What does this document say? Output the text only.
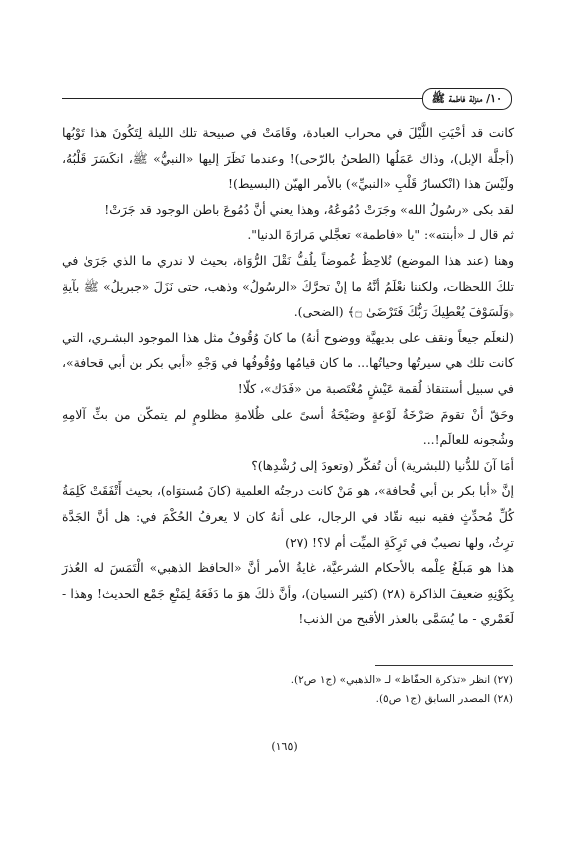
١٠/ منزلة فاطمة ﷺ

كانت قد أحْيَتِ اللَّيْلَ في محراب العبادة، وقَامَتْ في صبيحة تلك الليلة لِتَكُونَ هذا تَوْبُها (أجلَّة الإبل)، وذاك عَمَلُها (الطحنُ بالرّحى)! وعندما نَظَرَ إليها «النبيُّ» ﷺ، انكَسَرَ قَلْبُهُ، ولَيْسَ هذا (انْكسارُ قَلْبِ «النبيِّ») بالأمر الهيّن (البسيط)!

لقد بكى «رسُولُ الله» وجَرَتْ دُمُوعُهُ، وهذا يعني أنَّ دُمُوعَ باطن الوجود قد جَرَتْ!

ثم قال لـ «أبنته»: "يا «فاطمة» تعجَّلي مَرارَةَ الدنيا".

وهنا (عند هذا الموضع) نُلاحِظُ غُموضاً يلُفُّ نَقْلَ الرُّوَاة، بحيث لا ندري ما الذي جَرَىٰ في تلكَ اللحظات، ولكننا نعْلَمُ أنَّهُ ما إنْ تحرَّكَ «الرسُولُ» وذهب، حتى نَزَلَ «جبريلُ» ﷺ بآيةِ ﴿وَلَسَوْفَ يُعْطِيكَ رَبُّكَ فَتَرْضَىٰ ۝﴾ (الضحى).

(لنعلَم جيعاً ونقف على بديهيَّة ووضوح أنهُ) ما كانَ وُقُوفُ مثل هذا الموجود البشـري، التي كانت تلك هي سيرتُها وحياتُها... ما كان قيامُها ووُقُوفُها في وَجْهِ «أبي بكر بن أبي قحافة»، في سبيل أستنقاذ لُقمة عَيْشٍ مُغْتَصبة من «فَدَك»، كلّا!

وحَقّ أنْ تقومَ صَرْخَةُ لَوْعةٍ وصَيْحَةُ أسىً على ظُلامةِ مظلومٍ لم يتمكّن من بثِّ آلامِهِ وشُجونه للعالَم!...

أمَا آنَ للدُّنيا (للبشرية) أن تُفكّر (وتعودَ إلى رُشْدِها)؟

إنَّ «أبا بكر بن أبي قُحافة»، هو مَنْ كانت درجتُه العلمية (كانَ مُستوَاه)، بحيث أَتْفَقَتْ كَلِمَةُ كُلِّ مُحدِّثٍ فقيه نبيه نقّاد في الرجال، على أنهُ كان لا يعرفُ الحُكْمَ في: هل أنَّ الجَدَّة ترِثُ، ولها نصيبٌ في تَرِكَةِ الميِّت أم لا؟! (٢٧)

هذا هو مَبلَغُ عِلْمه بالأحكام الشرعيَّة، غايةُ الأمر أنَّ «الحافظ الذهبي» الْتَمَسَ له العُذرَ بِكَوْنِهِ ضعيفَ الذاكرة (٢٨) (كثير النسيان)، وأنَّ ذلكَ هوَ ما دَفَعَهُ لِمَنْعِ جَمْع الحديث! وهذا - لَعَمْري - ما يُسَمَّى بالعذر الأقبح من الذنب!

(٢٧) انظر «تذكرة الحفّاظ» لـ «الذهبي» (ج١ ص٢).
(٢٨) المصدر السابق (ج١ ص٥).
(١٦٥)
